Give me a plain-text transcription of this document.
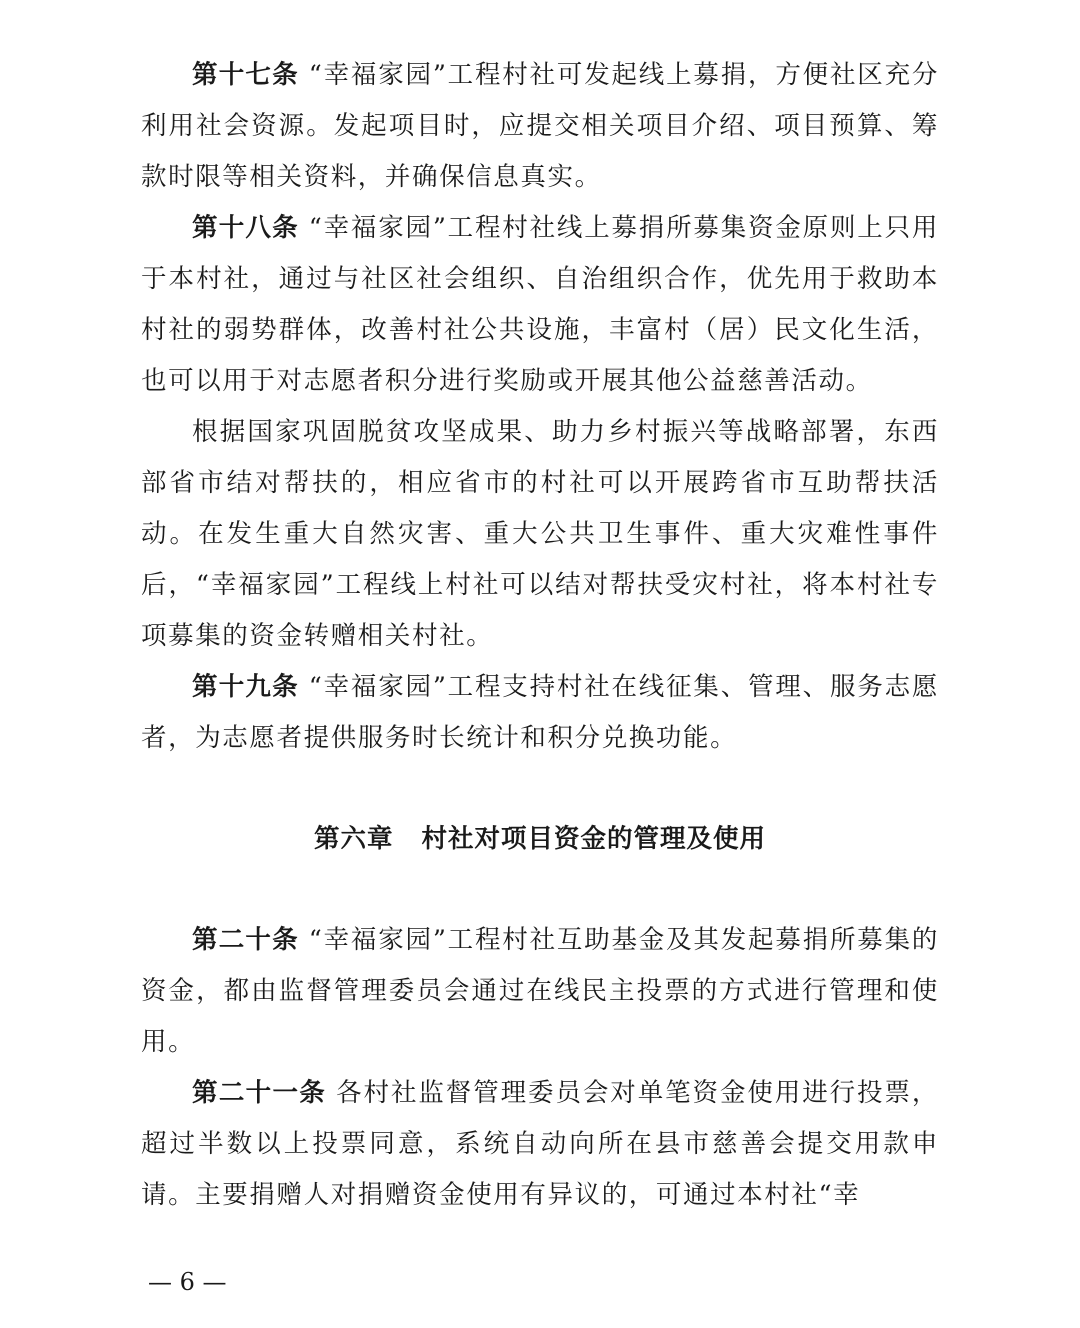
第十七条 “幸福家园”工程村社可发起线上募捐，方便社区充分利用社会资源。发起项目时，应提交相关项目介绍、项目预算、筹款时限等相关资料，并确保信息真实。

第十八条 “幸福家园”工程村社线上募捐所募集资金原则上只用于本村社，通过与社区社会组织、自治组织合作，优先用于救助本村社的弱势群体，改善村社公共设施，丰富村（居）民文化生活，也可以用于对志愿者积分进行奖励或开展其他公益慈善活动。

根据国家巩固脱贫攻坚成果、助力乡村振兴等战略部署，东西部省市结对帮扶的，相应省市的村社可以开展跨省市互助帮扶活动。在发生重大自然灾害、重大公共卫生事件、重大灾难性事件后，“幸福家园”工程线上村社可以结对帮扶受灾村社，将本村社专项募集的资金转赠相关村社。

第十九条 “幸福家园”工程支持村社在线征集、管理、服务志愿者，为志愿者提供服务时长统计和积分兑换功能。

第六章 村社对项目资金的管理及使用

第二十条 “幸福家园”工程村社互助基金及其发起募捐所募集的资金，都由监督管理委员会通过在线民主投票的方式进行管理和使用。

第二十一条 各村社监督管理委员会对单笔资金使用进行投票，超过半数以上投票同意，系统自动向所在县市慈善会提交用款申请。主要捐赠人对捐赠资金使用有异议的，可通过本村社“幸

— 6 —
